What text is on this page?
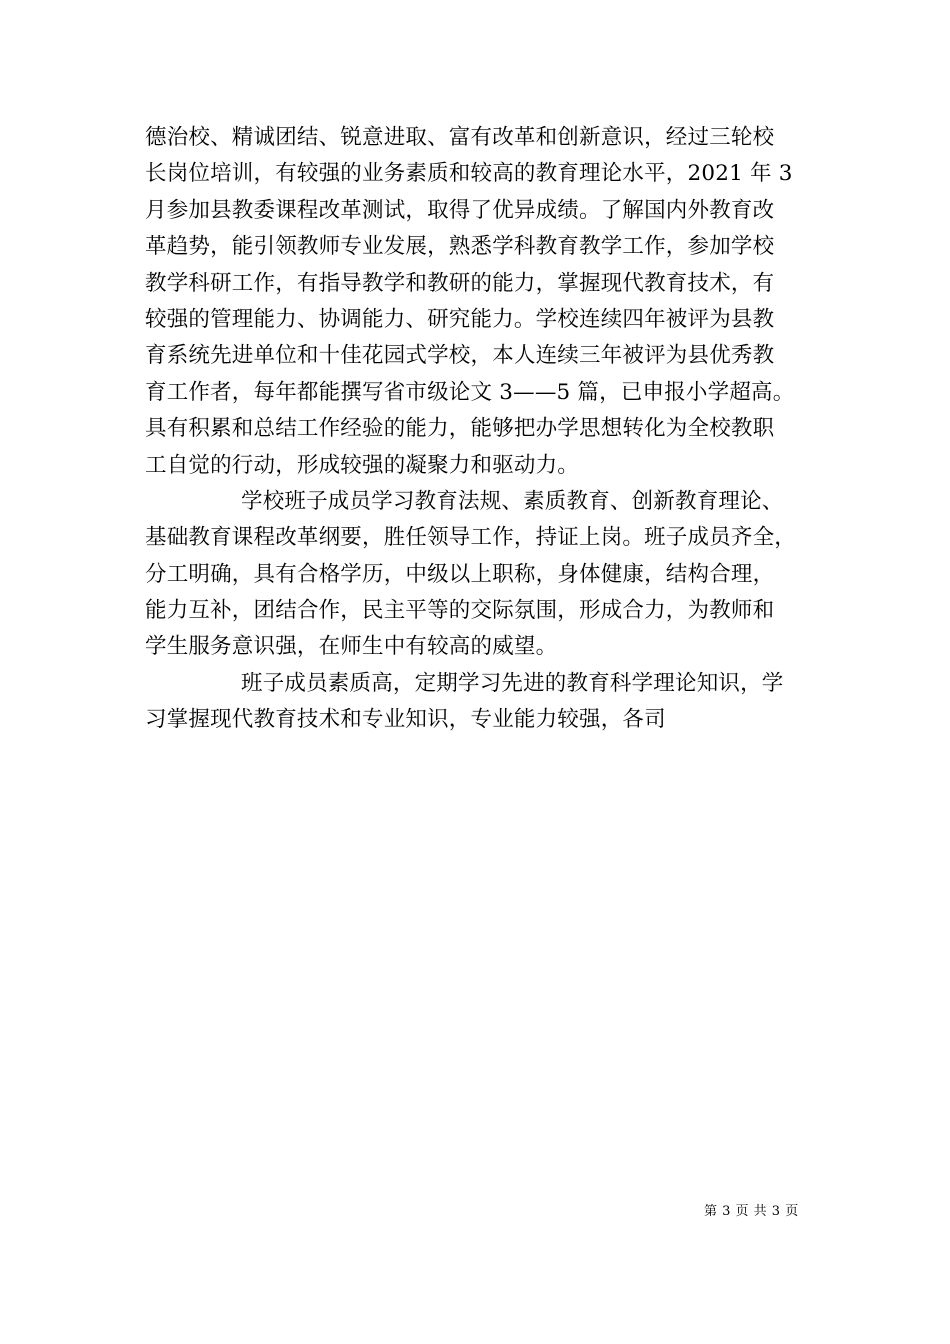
德治校、精诚团结、锐意进取、富有改革和创新意识，经过三轮校
长岗位培训，有较强的业务素质和较高的教育理论水平，2021 年 3
月参加县教委课程改革测试，取得了优异成绩。了解国内外教育改
革趋势，能引领教师专业发展，熟悉学科教育教学工作，参加学校
教学科研工作，有指导教学和教研的能力，掌握现代教育技术，有
较强的管理能力、协调能力、研究能力。学校连续四年被评为县教
育系统先进单位和十佳花园式学校，本人连续三年被评为县优秀教
育工作者，每年都能撰写省市级论文 3——5 篇，已申报小学超高。
具有积累和总结工作经验的能力，能够把办学思想转化为全校教职
工自觉的行动，形成较强的凝聚力和驱动力。
学校班子成员学习教育法规、素质教育、创新教育理论、
基础教育课程改革纲要，胜任领导工作，持证上岗。班子成员齐全，
分工明确，具有合格学历，中级以上职称，身体健康，结构合理，
能力互补，团结合作，民主平等的交际氛围，形成合力，为教师和
学生服务意识强，在师生中有较高的威望。
班子成员素质高，定期学习先进的教育科学理论知识，学
习掌握现代教育技术和专业知识，专业能力较强，各司
第 3 页 共 3 页
